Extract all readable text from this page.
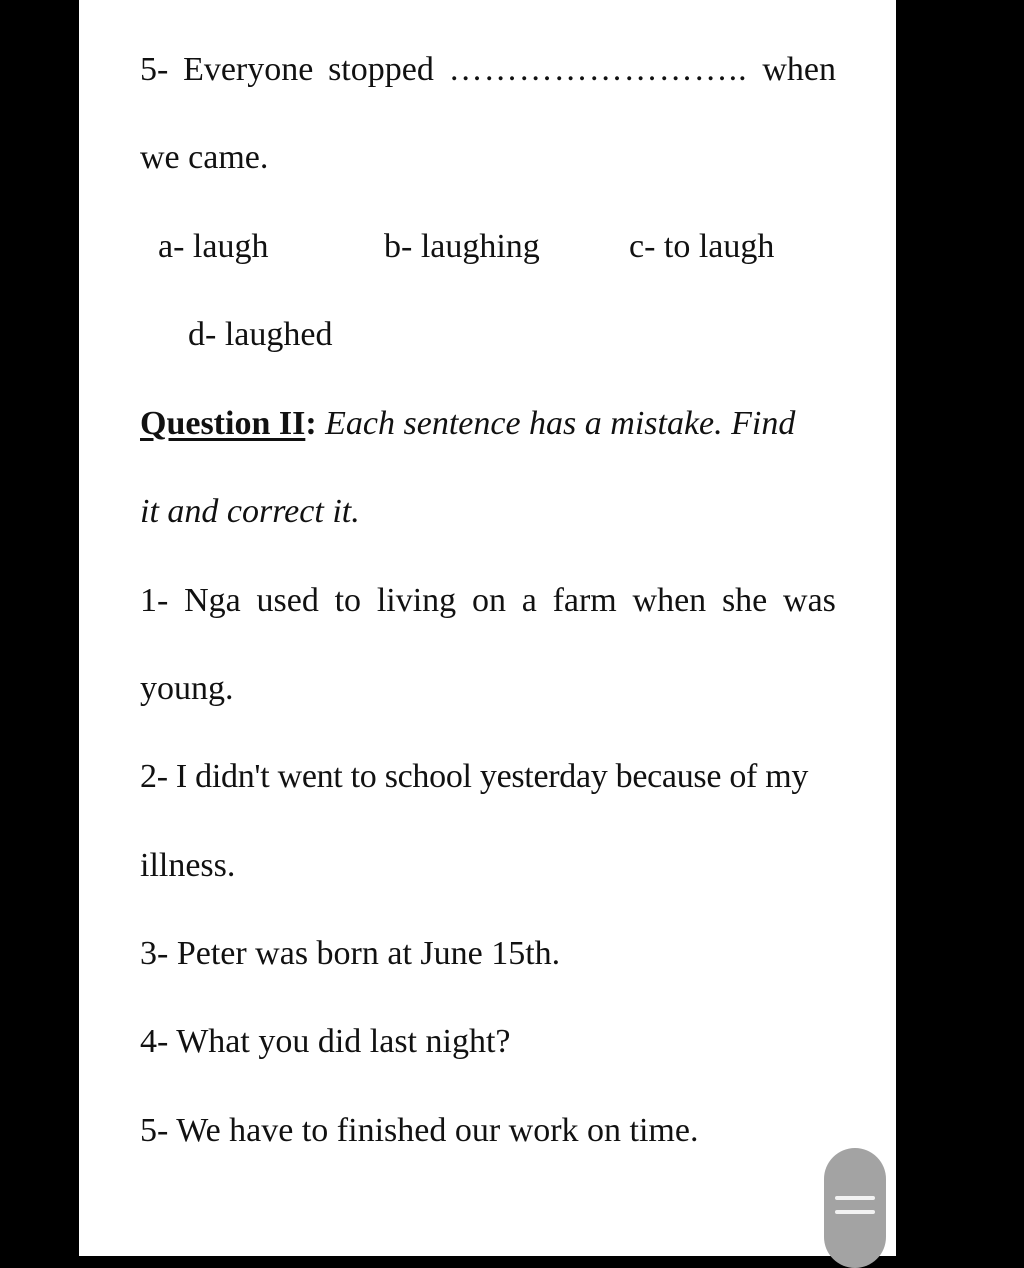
5- Everyone stopped …………………….. when
we came.
a- laugh	b- laughing	c- to laugh
d- laughed
Question II: Each sentence has a mistake. Find
it and correct it.
1- Nga used to living on a farm when she was
young.
2- I didn't went to school yesterday because of my
illness.
3- Peter was born at June 15th.
4- What you did last night?
5- We have to finished our work on time.
